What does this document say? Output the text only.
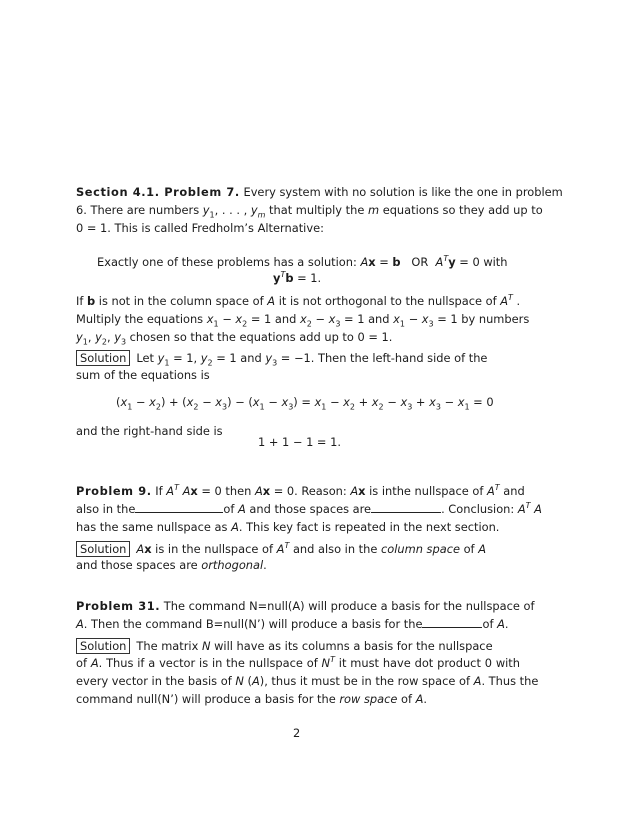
Section 4.1. Problem 7. Every system with no solution is like the one in problem
6. There are numbers $y_1$, . . . , $y_m$ that multiply the m equations so they add up to
0 = 1. This is called Fredholm’s Alternative:
Exactly one of these problems has a solution: Ax = b   OR  $A^Ty = 0$ with
$y^Tb = 1$.
If b is not in the column space of A it is not orthogonal to the nullspace of $A^T$ .
Multiply the equations $x_1 - x_2 = 1$ and $x_2 - x_3 = 1$ and $x_1 - x_3 = 1$ by numbers
$y_1$, $y_2$, $y_3$ chosen so that the equations add up to 0 = 1.
Solution Let $y_1 = 1$, $y_2 = 1$ and $y_3 = -1$. Then the left-hand side of the
sum of the equations is
$(x_1 - x_2) + (x_2 - x_3) - (x_1 - x_3) = x_1 - x_2 + x_2 - x_3 + x_3 - x_1 = 0$
and the right-hand side is
1 + 1 − 1 = 1.
Problem 9. If $A^T$ Ax = 0 then Ax = 0. Reason: Ax is inthe nullspace of $A^T$ and
also in the	of A and those spaces are	. Conclusion: $A^T$ A
has the same nullspace as A. This key fact is repeated in the next section.
Solution Ax is in the nullspace of $A^T$ and also in the column space of A
and those spaces are orthogonal.
Problem 31. The command N=null(A) will produce a basis for the nullspace of
A. Then the command B=null(N’) will produce a basis for the	of A.
Solution The matrix N will have as its columns a basis for the nullspace
of A. Thus if a vector is in the nullspace of $N^T$ it must have dot product 0 with
every vector in the basis of N (A), thus it must be in the row space of A. Thus the
command null(N’) will produce a basis for the row space of A.
2
